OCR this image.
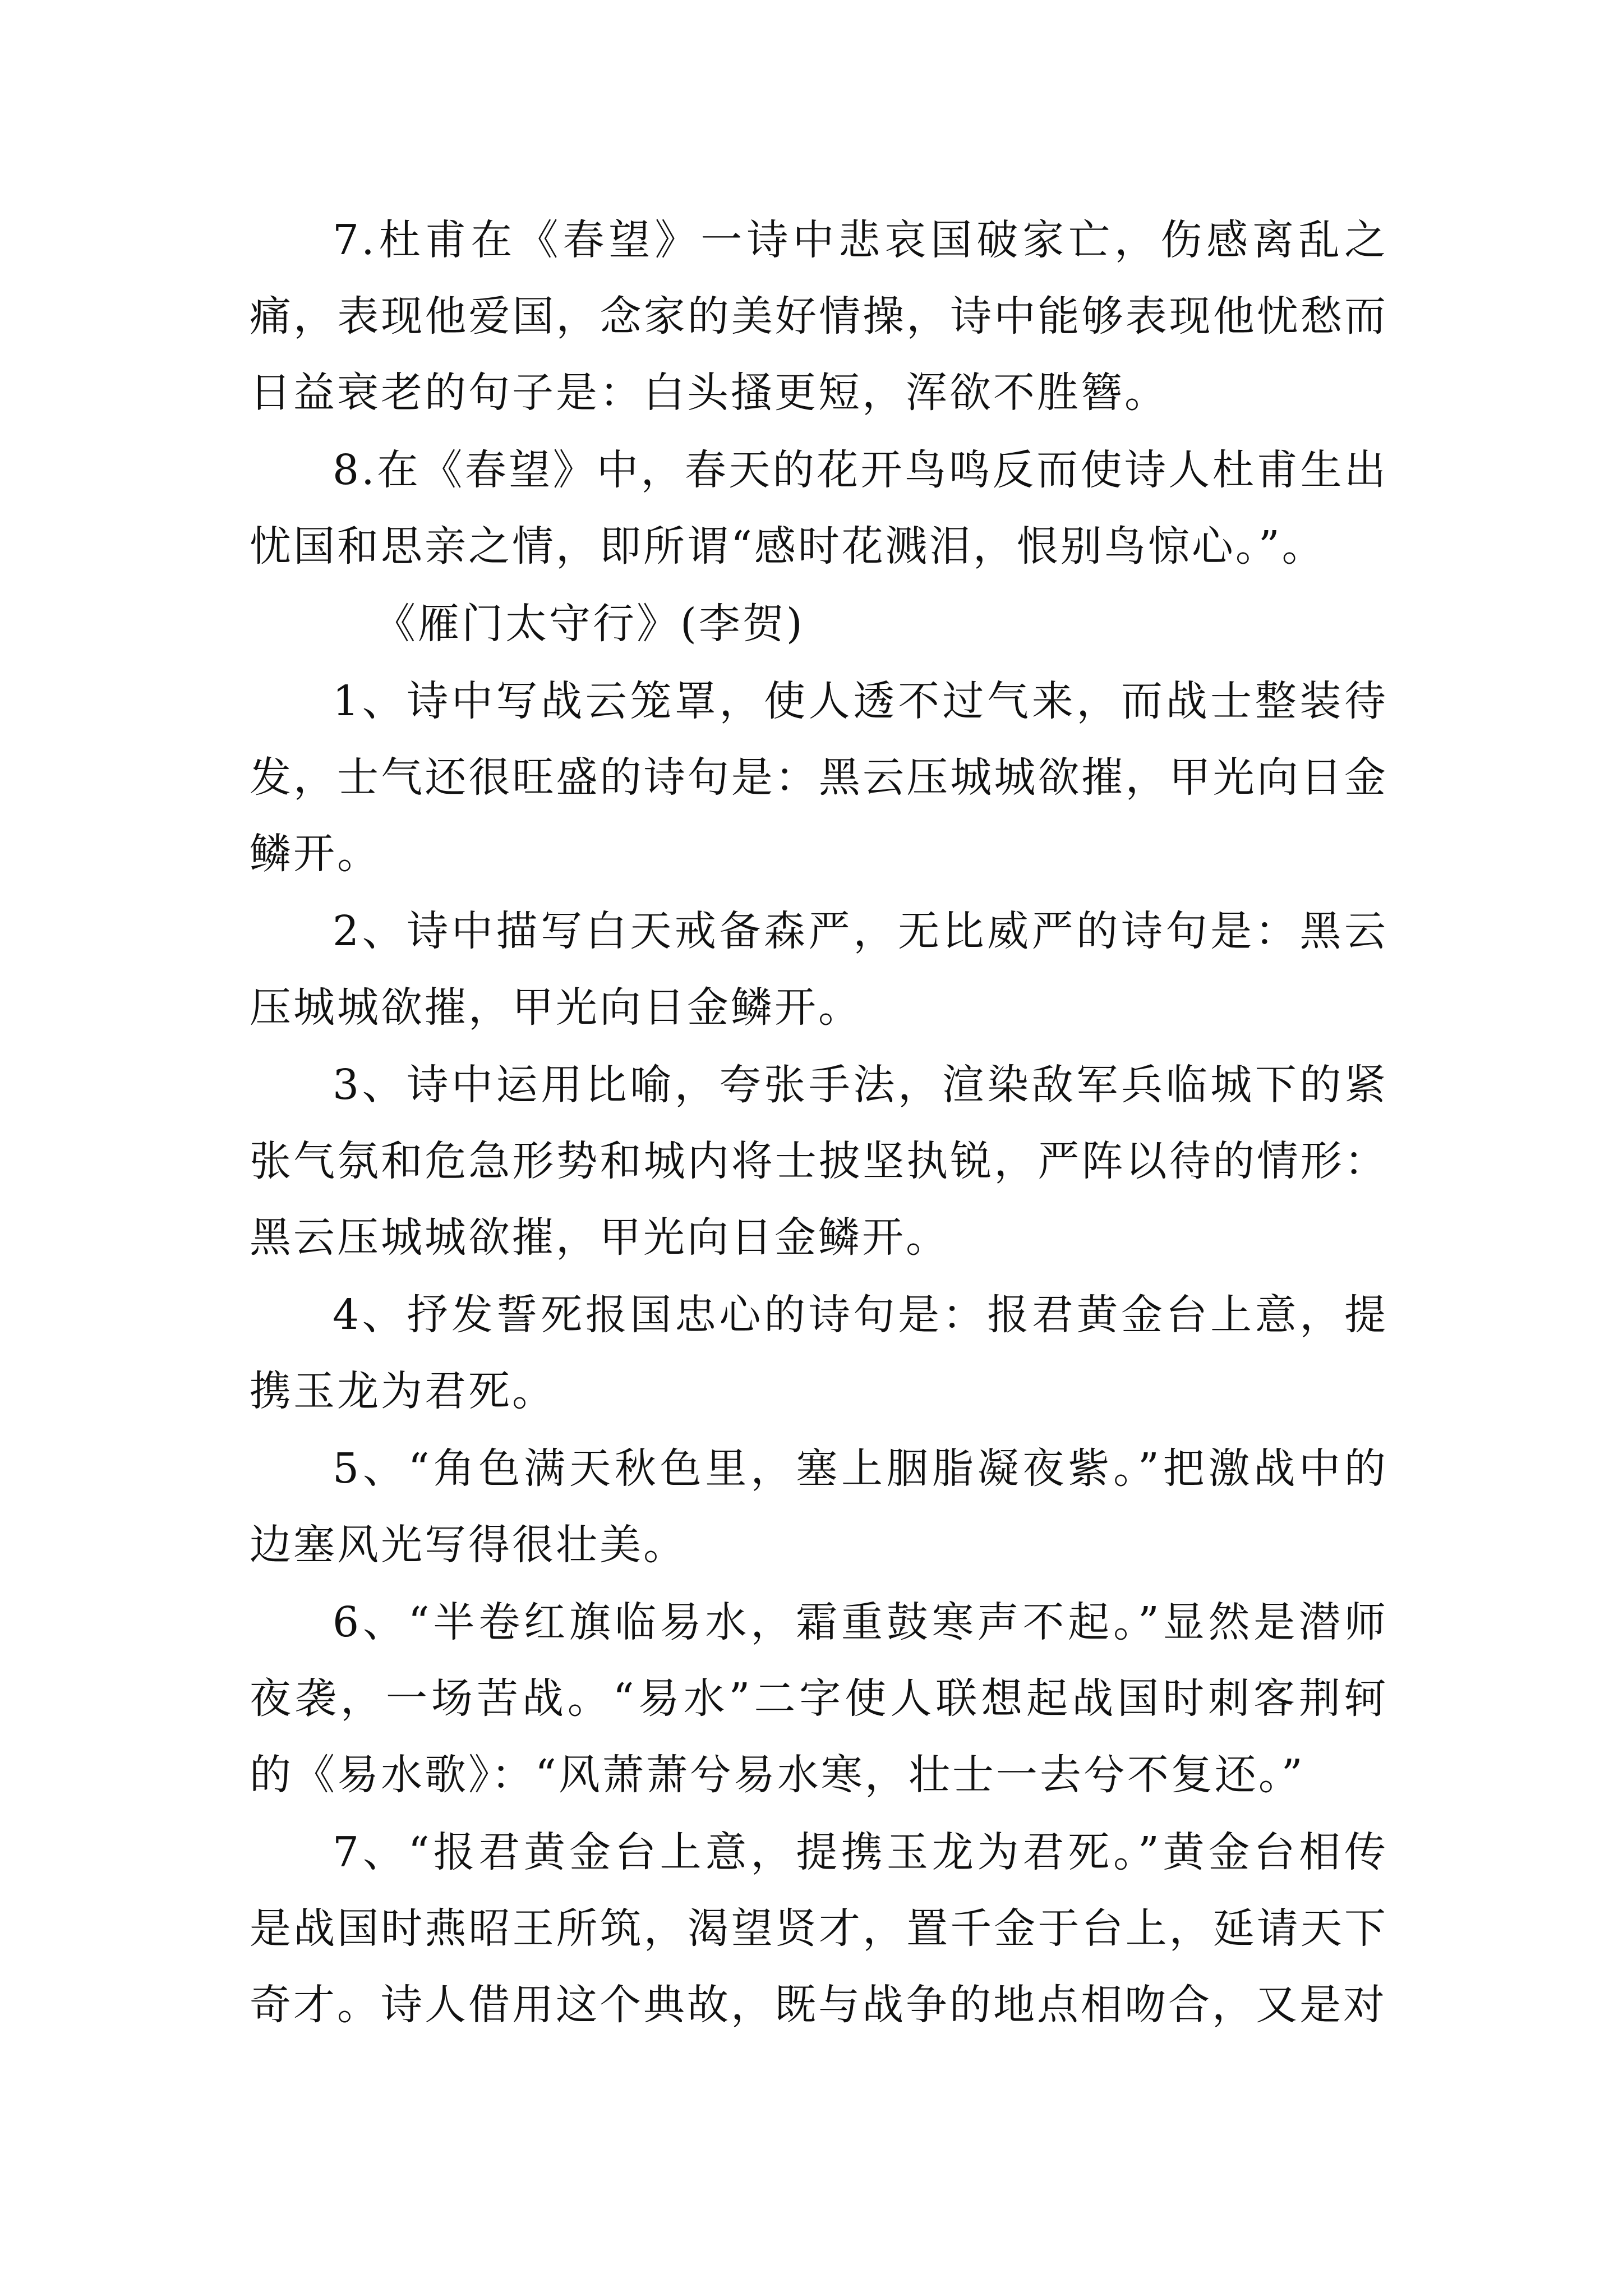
7.杜甫在《春望》一诗中悲哀国破家亡，伤感离乱之痛，表现他爱国，念家的美好情操，诗中能够表现他忧愁而日益衰老的句子是：白头搔更短，浑欲不胜簪。

8.在《春望》中，春天的花开鸟鸣反而使诗人杜甫生出忧国和思亲之情，即所谓“感时花溅泪，恨别鸟惊心。”。

《雁门太守行》(李贺)

1、诗中写战云笼罩，使人透不过气来，而战士整装待发，士气还很旺盛的诗句是：黑云压城城欲摧，甲光向日金鳞开。

2、诗中描写白天戒备森严，无比威严的诗句是：黑云压城城欲摧，甲光向日金鳞开。

3、诗中运用比喻，夸张手法，渲染敌军兵临城下的紧张气氛和危急形势和城内将士披坚执锐，严阵以待的情形：黑云压城城欲摧，甲光向日金鳞开。

4、抒发誓死报国忠心的诗句是：报君黄金台上意，提携玉龙为君死。

5、“角色满天秋色里，塞上胭脂凝夜紫。”把激战中的边塞风光写得很壮美。

6、“半卷红旗临易水，霜重鼓寒声不起。”显然是潜师夜袭，一场苦战。“易水”二字使人联想起战国时刺客荆轲的《易水歌》：“风萧萧兮易水寒，壮士一去兮不复还。”

7、“报君黄金台上意，提携玉龙为君死。”黄金台相传是战国时燕昭王所筑，渴望贤才，置千金于台上，延请天下奇才。诗人借用这个典故，既与战争的地点相吻合，又是对
